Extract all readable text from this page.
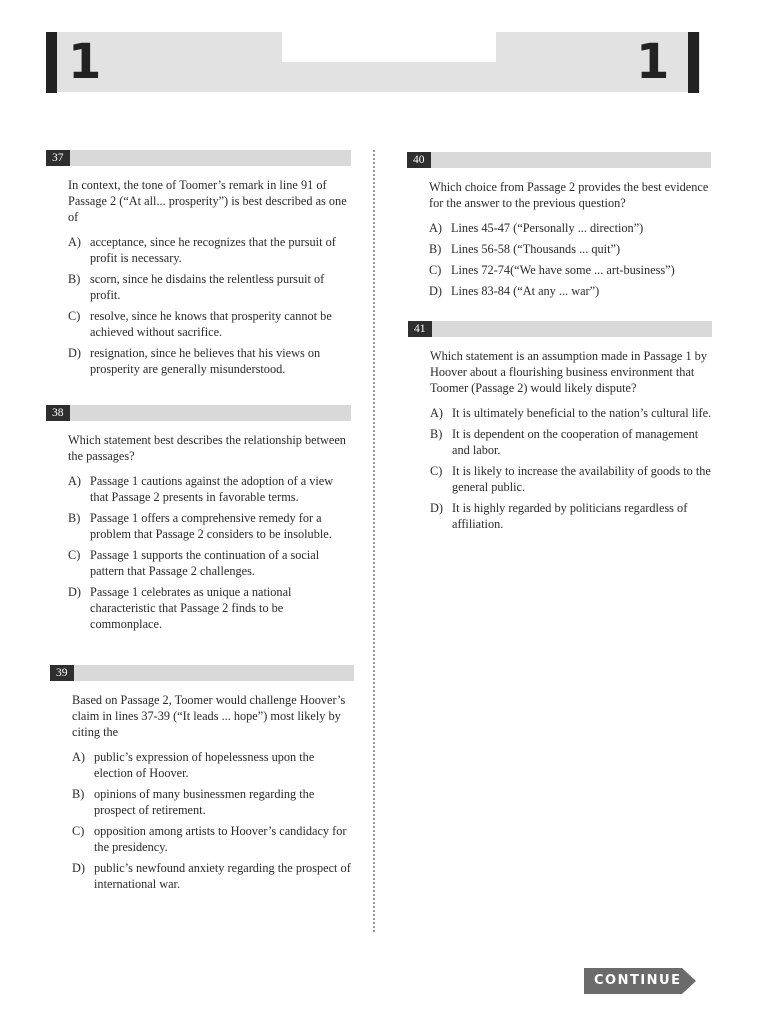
1	1
37
In context, the tone of Toomer’s remark in line 91 of Passage 2 (“At all... prosperity”) is best described as one of
A) acceptance, since he recognizes that the pursuit of profit is necessary.
B) scorn, since he disdains the relentless pursuit of profit.
C) resolve, since he knows that prosperity cannot be achieved without sacrifice.
D) resignation, since he believes that his views on prosperity are generally misunderstood.
38
Which statement best describes the relationship between the passages?
A) Passage 1 cautions against the adoption of a view that Passage 2 presents in favorable terms.
B) Passage 1 offers a comprehensive remedy for a problem that Passage 2 considers to be insoluble.
C) Passage 1 supports the continuation of a social pattern that Passage 2 challenges.
D) Passage 1 celebrates as unique a national characteristic that Passage 2 finds to be commonplace.
39
Based on Passage 2, Toomer would challenge Hoover’s claim in lines 37-39 (“It leads ... hope”) most likely by citing the
A) public’s expression of hopelessness upon the election of Hoover.
B) opinions of many businessmen regarding the prospect of retirement.
C) opposition among artists to Hoover’s candidacy for the presidency.
D) public’s newfound anxiety regarding the prospect of international war.
40
Which choice from Passage 2 provides the best evidence for the answer to the previous question?
A) Lines 45-47 (“Personally ... direction”)
B) Lines 56-58 (“Thousands ... quit”)
C) Lines 72-74(“We have some ... art-business”)
D) Lines 83-84 (“At any ... war”)
41
Which statement is an assumption made in Passage 1 by Hoover about a flourishing business environment that Toomer (Passage 2) would likely dispute?
A) It is ultimately beneficial to the nation’s cultural life.
B) It is dependent on the cooperation of management and labor.
C) It is likely to increase the availability of goods to the general public.
D) It is highly regarded by politicians regardless of affiliation.
CONTINUE
